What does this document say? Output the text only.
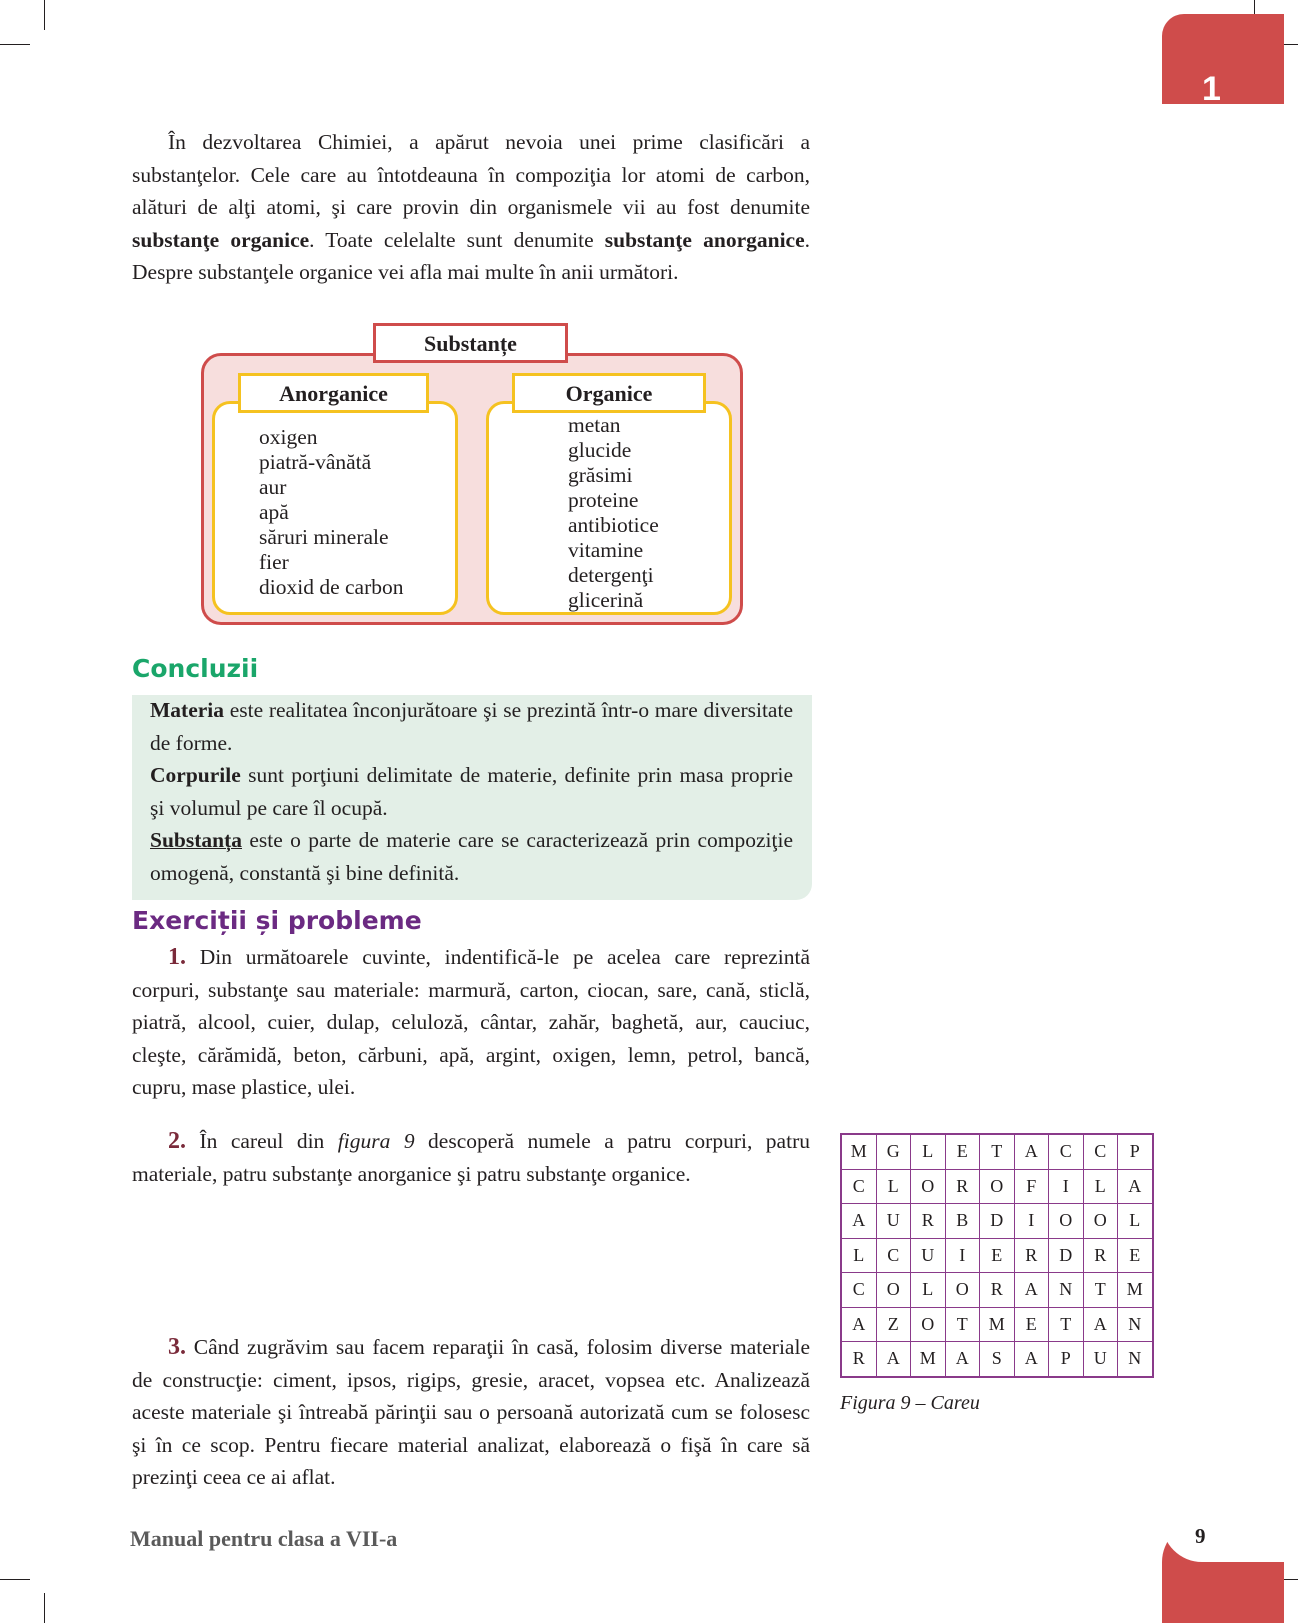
1

În dezvoltarea Chimiei, a apărut nevoia unei prime clasificări a substanţelor. Cele care au întotdeauna în compoziţia lor atomi de carbon, alături de alţi atomi, şi care provin din organismele vii au fost denumite substanţe organice. Toate celelalte sunt denumite substanţe anorganice. Despre substanţele organice vei afla mai multe în anii următori.

Substanțe
Anorganice
oxigen
piatră-vânătă
aur
apă
săruri minerale
fier
dioxid de carbon
Organice
metan
glucide
grăsimi
proteine
antibiotice
vitamine
detergenţi
glicerină
Concluzii

Materia este realitatea înconjurătoare şi se prezintă într-o mare diversitate de forme.
Corpurile sunt porţiuni delimitate de materie, definite prin masa proprie şi volumul pe care îl ocupă.
Substanța este o parte de materie care se caracterizează prin compoziţie omogenă, constantă şi bine definită.

Exerciții și probleme

1. Din următoarele cuvinte, indentifică-le pe acelea care reprezintă corpuri, substanţe sau materiale: marmură, carton, ciocan, sare, cană, sticlă, piatră, alcool, cuier, dulap, celuloză, cântar, zahăr, baghetă, aur, cauciuc, cleşte, cărămidă, beton, cărbuni, apă, argint, oxigen, lemn, petrol, bancă, cupru, mase plastice, ulei.

2. În careul din figura 9 descoperă numele a patru corpuri, patru materiale, patru substanţe anorganice şi patru substanţe organice.

3. Când zugrăvim sau facem reparaţii în casă, folosim diverse materiale de construcţie: ciment, ipsos, rigips, gresie, aracet, vopsea etc. Analizează aceste materiale şi întreabă părinţii sau o persoană autorizată cum se folosesc şi în ce scop. Pentru fiecare material analizat, elaborează o fişă în care să prezinţi ceea ce ai aflat.

M	G	L	E	T	A	C	C	P
C	L	O	R	O	F	I	L	A
A	U	R	B	D	I	O	O	L
L	C	U	I	E	R	D	R	E
C	O	L	O	R	A	N	T	M
A	Z	O	T	M	E	T	A	N
R	A	M	A	S	A	P	U	N
Figura 9 – Careu
Manual pentru clasa a VII-a	9
